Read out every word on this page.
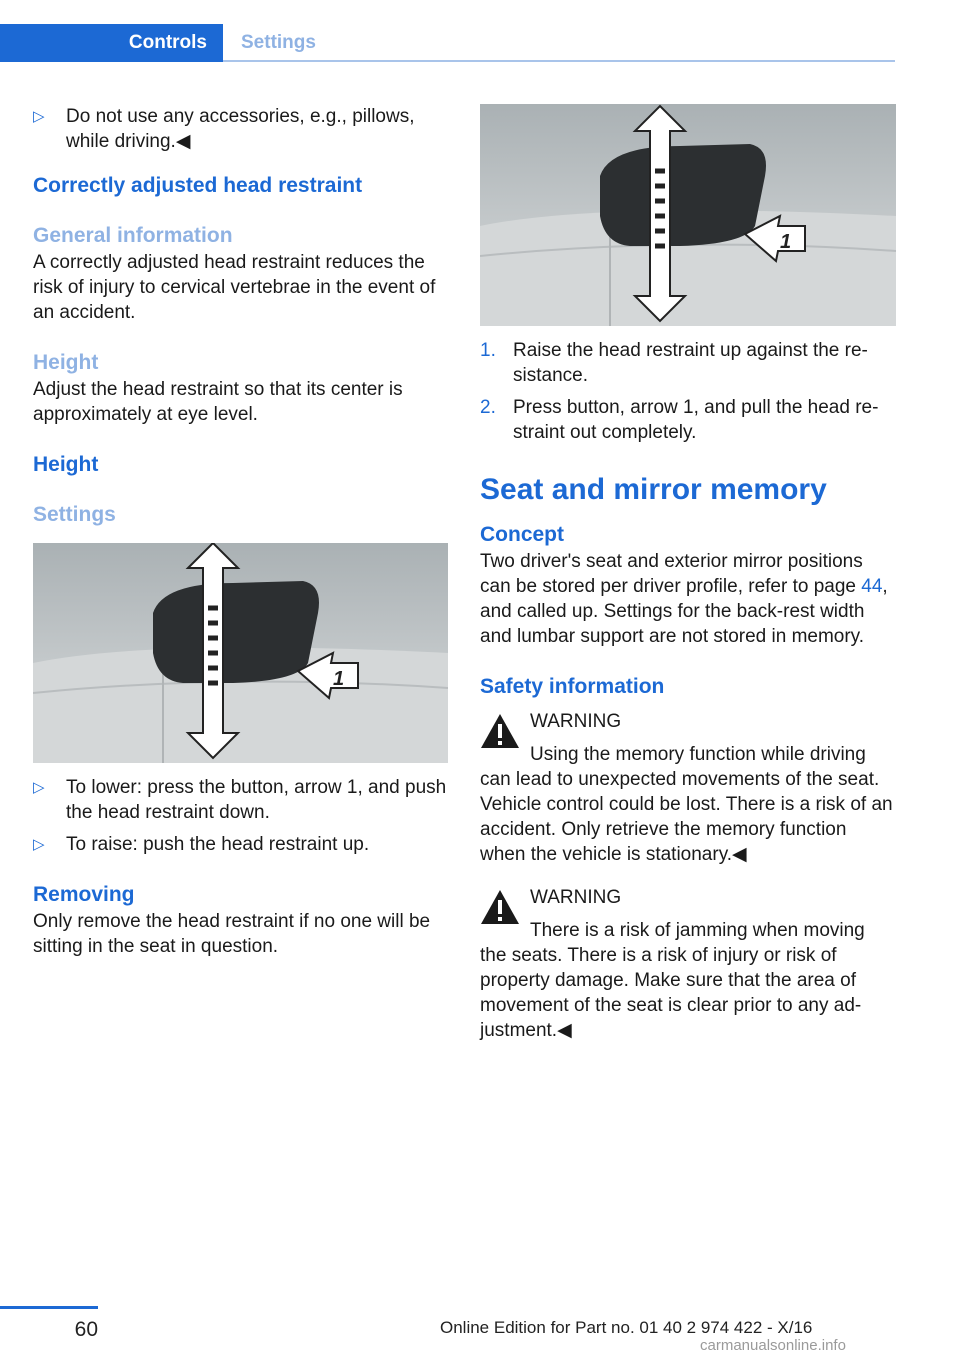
Controls	Settings
▷	Do not use any accessories, e.g., pillows, while driving.◀
Correctly adjusted head restraint
General information

A correctly adjusted head restraint reduces the risk of injury to cervical vertebrae in the event of an accident.

Height

Adjust the head restraint so that its center is approximately at eye level.

Height
Settings
1
▷	To lower: press the button, arrow 1, and push the head restraint down.
▷	To raise: push the head restraint up.
Removing

Only remove the head restraint if no one will be sitting in the seat in question.

1
1. Raise the head restraint up against the re-sistance.
2. Press button, arrow 1, and pull the head re-straint out completely.
Seat and mirror memory
Concept

Two driver's seat and exterior mirror positions can be stored per driver profile, refer to page 44, and called up. Settings for the back-rest width and lumbar support are not stored in memory.

Safety information
WARNING
Using the memory function while driving
can lead to unexpected movements of the seat. Vehicle control could be lost. There is a risk of an accident. Only retrieve the memory function when the vehicle is stationary.◀
WARNING
There is a risk of jamming when moving
the seats. There is a risk of injury or risk of property damage. Make sure that the area of movement of the seat is clear prior to any ad-justment.◀
60	Online Edition for Part no. 01 40 2 974 422 - X/16
carmanualsonline.info
